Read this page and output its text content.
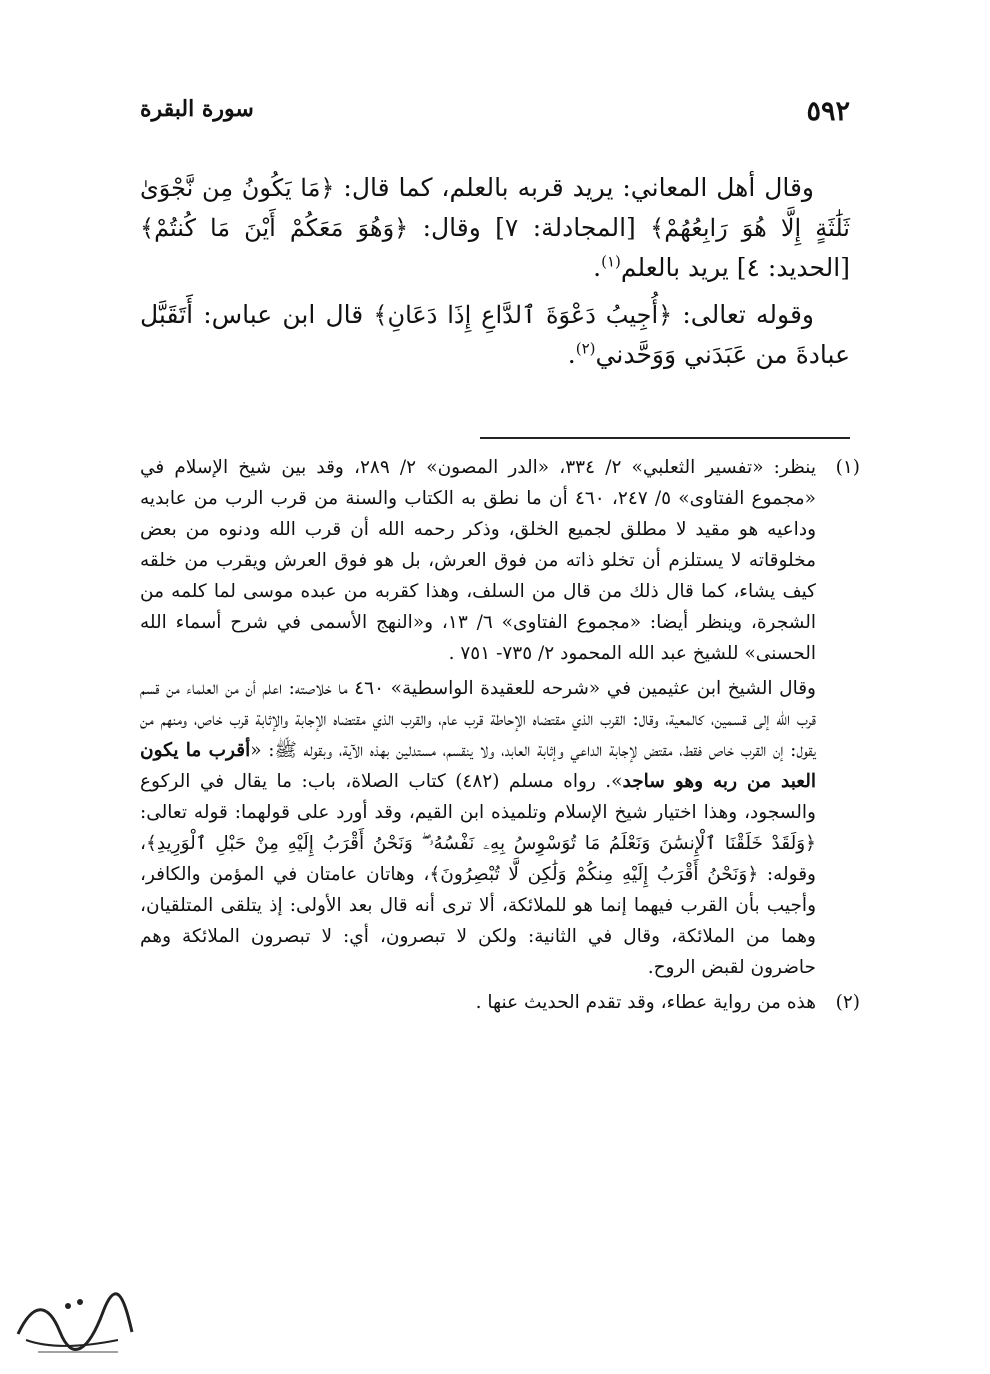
٥٩٢
سورة البقرة

وقال أهل المعاني: يريد قربه بالعلم، كما قال: ﴿مَا يَكُونُ مِن نَّجْوَىٰ ثَلَٰثَةٍ إِلَّا هُوَ رَابِعُهُمْ﴾ [المجادلة: ٧] وقال: ﴿وَهُوَ مَعَكُمْ أَيْنَ مَا كُنتُمْ﴾ [الحديد: ٤] يريد بالعلم$^{(١)}$.

وقوله تعالى: ﴿أُجِيبُ دَعْوَةَ ٱلدَّاعِ إِذَا دَعَانِ﴾ قال ابن عباس: أَتَقَبَّل عبادةَ من عَبَدَني وَوَحَّدني$^{(٢)}$.

(١)

ينظر: «تفسير الثعلبي» ٢/ ٣٣٤، «الدر المصون» ٢/ ٢٨٩، وقد بين شيخ الإسلام في «مجموع الفتاوى» ٥/ ٢٤٧، ٤٦٠ أن ما نطق به الكتاب والسنة من قرب الرب من عابديه وداعيه هو مقيد لا مطلق لجميع الخلق، وذكر رحمه الله أن قرب الله ودنوه من بعض مخلوقاته لا يستلزم أن تخلو ذاته من فوق العرش، بل هو فوق العرش ويقرب من خلقه كيف يشاء، كما قال ذلك من قال من السلف، وهذا كقربه من عبده موسى لما كلمه من الشجرة، وينظر أيضا: «مجموع الفتاوى» ٦/ ١٣، و«النهج الأسمى في شرح أسماء الله الحسنى» للشيخ عبد الله المحمود ٢/ ٧٣٥- ٧٥١ .

وقال الشيخ ابن عثيمين في «شرحه للعقيدة الواسطية» ٤٦٠ ما خلاصته: اعلم أن من العلماء من قسم قرب الله إلى قسمين، كالمعية، وقال: القرب الذي مقتضاه الإحاطة قرب عام، والقرب الذي مقتضاه الإجابة والإثابة قرب خاص، ومنهم من يقول: إن القرب خاص فقط، مقتض لإجابة الداعي وإثابة العابد، ولا ينقسم، مستدلين بهذه الآية، وبقوله ﷺ: «أقرب ما يكون العبد من ربه وهو ساجد». رواه مسلم (٤٨٢) كتاب الصلاة، باب: ما يقال في الركوع والسجود، وهذا اختيار شيخ الإسلام وتلميذه ابن القيم، وقد أورد على قولهما: قوله تعالى: ﴿وَلَقَدْ خَلَقْنَا ٱلْإِنسَٰنَ وَنَعْلَمُ مَا تُوَسْوِسُ بِهِۦ نَفْسُهُۥ ۖ وَنَحْنُ أَقْرَبُ إِلَيْهِ مِنْ حَبْلِ ٱلْوَرِيدِ﴾، وقوله: ﴿وَنَحْنُ أَقْرَبُ إِلَيْهِ مِنكُمْ وَلَٰكِن لَّا تُبْصِرُونَ﴾، وهاتان عامتان في المؤمن والكافر، وأجيب بأن القرب فيهما إنما هو للملائكة، ألا ترى أنه قال بعد الأولى: إذ يتلقى المتلقيان، وهما من الملائكة، وقال في الثانية: ولكن لا تبصرون، أي: لا تبصرون الملائكة وهم حاضرون لقبض الروح.

(٢)

هذه من رواية عطاء، وقد تقدم الحديث عنها .
